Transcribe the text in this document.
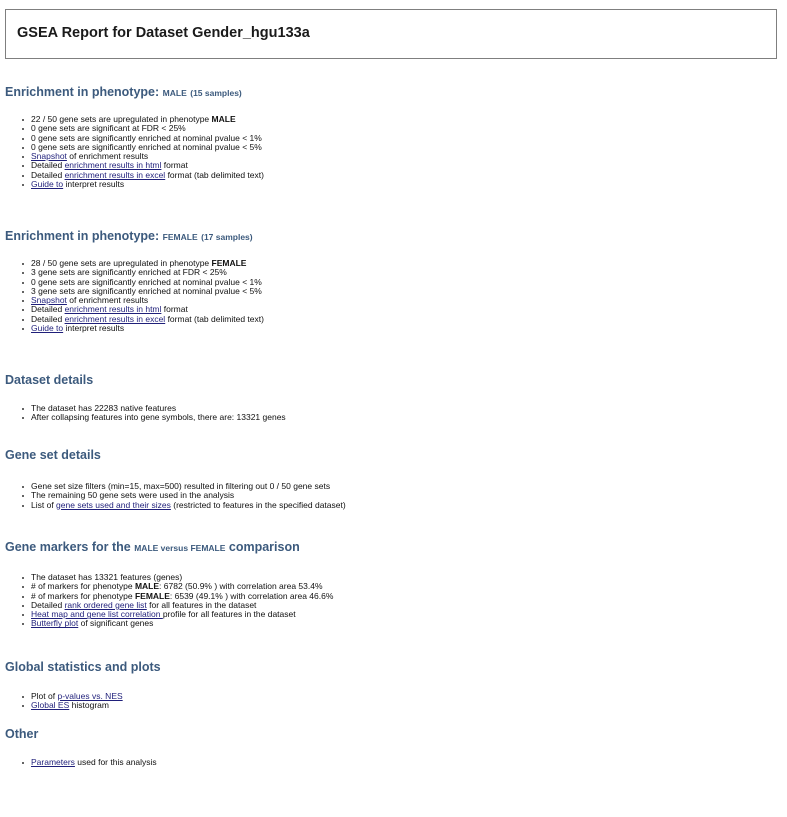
GSEA Report for Dataset Gender_hgu133a
Enrichment in phenotype: MALE (15 samples)
22 / 50 gene sets are upregulated in phenotype MALE
0 gene sets are significant at FDR < 25%
0 gene sets are significantly enriched at nominal pvalue < 1%
0 gene sets are significantly enriched at nominal pvalue < 5%
Snapshot of enrichment results
Detailed enrichment results in html format
Detailed enrichment results in excel format (tab delimited text)
Guide to interpret results
Enrichment in phenotype: FEMALE (17 samples)
28 / 50 gene sets are upregulated in phenotype FEMALE
3 gene sets are significantly enriched at FDR < 25%
0 gene sets are significantly enriched at nominal pvalue < 1%
3 gene sets are significantly enriched at nominal pvalue < 5%
Snapshot of enrichment results
Detailed enrichment results in html format
Detailed enrichment results in excel format (tab delimited text)
Guide to interpret results
Dataset details
The dataset has 22283 native features
After collapsing features into gene symbols, there are: 13321 genes
Gene set details
Gene set size filters (min=15, max=500) resulted in filtering out 0 / 50 gene sets
The remaining 50 gene sets were used in the analysis
List of gene sets used and their sizes (restricted to features in the specified dataset)
Gene markers for the MALE versus FEMALE comparison
The dataset has 13321 features (genes)
# of markers for phenotype MALE: 6782 (50.9% ) with correlation area 53.4%
# of markers for phenotype FEMALE: 6539 (49.1% ) with correlation area 46.6%
Detailed rank ordered gene list for all features in the dataset
Heat map and gene list correlation profile for all features in the dataset
Butterfly plot of significant genes
Global statistics and plots
Plot of p-values vs. NES
Global ES histogram
Other
Parameters used for this analysis
